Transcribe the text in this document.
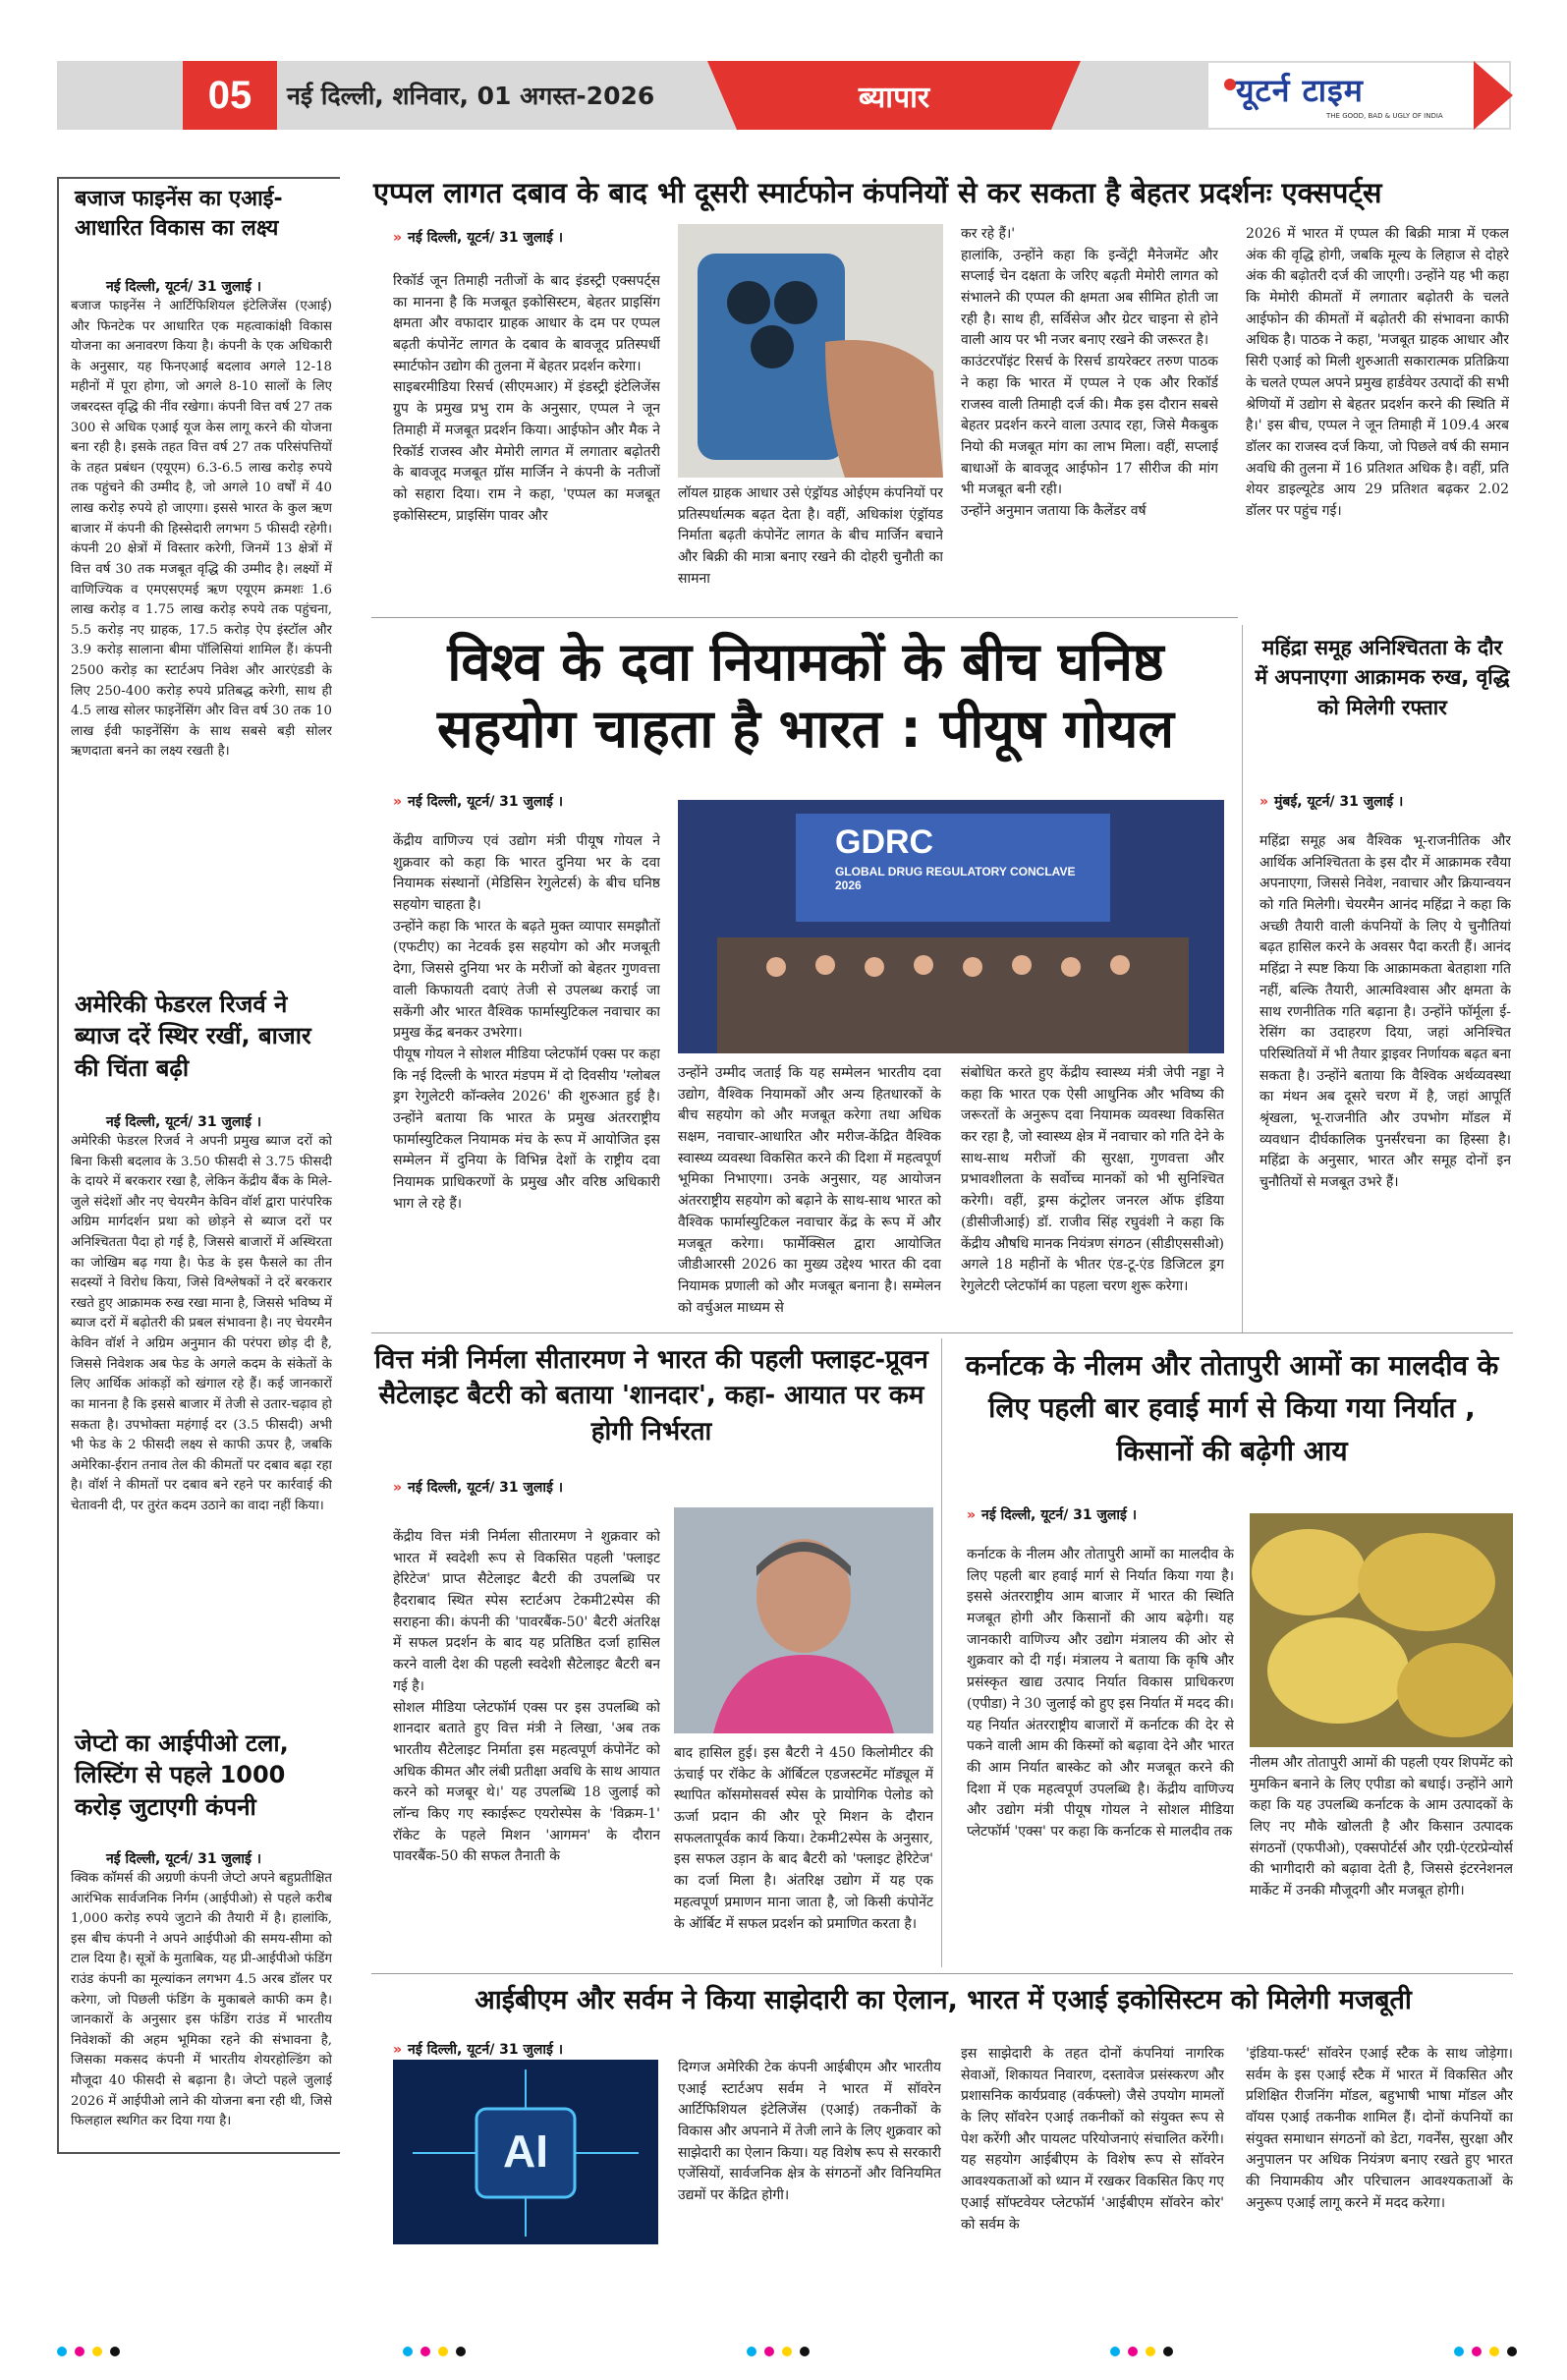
05	नई दिल्ली, शनिवार, 01 अगस्त-2026	ब्यापार	यूटर्न टाइम
THE GOOD, BAD & UGLY OF INDIA
बजाज फाइनेंस का एआई-आधारित विकास का लक्ष्य
नई दिल्ली, यूटर्न/ 31 जुलाई ।
बजाज फाइनेंस ने आर्टिफिशियल इंटेलिजेंस (एआई) और फिनटेक पर आधारित एक महत्वाकांक्षी विकास योजना का अनावरण किया है। कंपनी के एक अधिकारी के अनुसार, यह फिनएआई बदलाव अगले 12-18 महीनों में पूरा होगा, जो अगले 8-10 सालों के लिए जबरदस्त वृद्धि की नींव रखेगा। कंपनी वित्त वर्ष 27 तक 300 से अधिक एआई यूज केस लागू करने की योजना बना रही है। इसके तहत वित्त वर्ष 27 तक परिसंपत्तियों के तहत प्रबंधन (एयूएम) 6.3-6.5 लाख करोड़ रुपये तक पहुंचने की उम्मीद है, जो अगले 10 वर्षों में 40 लाख करोड़ रुपये हो जाएगा। इससे भारत के कुल ऋण बाजार में कंपनी की हिस्सेदारी लगभग 5 फीसदी रहेगी। कंपनी 20 क्षेत्रों में विस्तार करेगी, जिनमें 13 क्षेत्रों में वित्त वर्ष 30 तक मजबूत वृद्धि की उम्मीद है। लक्ष्यों में वाणिज्यिक व एमएसएमई ऋण एयूएम क्रमशः 1.6 लाख करोड़ व 1.75 लाख करोड़ रुपये तक पहुंचना, 5.5 करोड़ नए ग्राहक, 17.5 करोड़ ऐप इंस्टॉल और 3.9 करोड़ सालाना बीमा पॉलिसियां शामिल हैं। कंपनी 2500 करोड़ का स्टार्टअप निवेश और आरएंडडी के लिए 250-400 करोड़ रुपये प्रतिबद्ध करेगी, साथ ही 4.5 लाख सोलर फाइनेंसिंग और वित्त वर्ष 30 तक 10 लाख ईवी फाइनेंसिंग के साथ सबसे बड़ी सोलर ऋणदाता बनने का लक्ष्य रखती है।
अमेरिकी फेडरल रिजर्व ने ब्याज दरें स्थिर रखीं, बाजार की चिंता बढ़ी
नई दिल्ली, यूटर्न/ 31 जुलाई ।
अमेरिकी फेडरल रिजर्व ने अपनी प्रमुख ब्याज दरों को बिना किसी बदलाव के 3.50 फीसदी से 3.75 फीसदी के दायरे में बरकरार रखा है, लेकिन केंद्रीय बैंक के मिले-जुले संदेशों और नए चेयरमैन केविन वॉर्श द्वारा पारंपरिक अग्रिम मार्गदर्शन प्रथा को छोड़ने से ब्याज दरों पर अनिश्चितता पैदा हो गई है, जिससे बाजारों में अस्थिरता का जोखिम बढ़ गया है। फेड के इस फैसले का तीन सदस्यों ने विरोध किया, जिसे विश्लेषकों ने दरें बरकरार रखते हुए आक्रामक रुख रखा माना है, जिससे भविष्य में ब्याज दरों में बढ़ोतरी की प्रबल संभावना है। नए चेयरमैन केविन वॉर्श ने अग्रिम अनुमान की परंपरा छोड़ दी है, जिससे निवेशक अब फेड के अगले कदम के संकेतों के लिए आर्थिक आंकड़ों को खंगाल रहे हैं। कई जानकारों का मानना है कि इससे बाजार में तेजी से उतार-चढ़ाव हो सकता है। उपभोक्ता महंगाई दर (3.5 फीसदी) अभी भी फेड के 2 फीसदी लक्ष्य से काफी ऊपर है, जबकि अमेरिका-ईरान तनाव तेल की कीमतों पर दबाव बढ़ा रहा है। वॉर्श ने कीमतों पर दबाव बने रहने पर कार्रवाई की चेतावनी दी, पर तुरंत कदम उठाने का वादा नहीं किया।
जेप्टो का आईपीओ टला, लिस्टिंग से पहले 1000 करोड़ जुटाएगी कंपनी
नई दिल्ली, यूटर्न/ 31 जुलाई ।
क्विक कॉमर्स की अग्रणी कंपनी जेप्टो अपने बहुप्रतीक्षित आरंभिक सार्वजनिक निर्गम (आईपीओ) से पहले करीब 1,000 करोड़ रुपये जुटाने की तैयारी में है। हालांकि, इस बीच कंपनी ने अपने आईपीओ की समय-सीमा को टाल दिया है। सूत्रों के मुताबिक, यह प्री-आईपीओ फंडिंग राउंड कंपनी का मूल्यांकन लगभग 4.5 अरब डॉलर पर करेगा, जो पिछली फंडिंग के मुकाबले काफी कम है। जानकारों के अनुसार इस फंडिंग राउंड में भारतीय निवेशकों की अहम भूमिका रहने की संभावना है, जिसका मकसद कंपनी में भारतीय शेयरहोल्डिंग को मौजूदा 40 फीसदी से बढ़ाना है। जेप्टो पहले जुलाई 2026 में आईपीओ लाने की योजना बना रही थी, जिसे फिलहाल स्थगित कर दिया गया है।
एप्पल लागत दबाव के बाद भी दूसरी स्मार्टफोन कंपनियों से कर सकता है बेहतर प्रदर्शनः एक्सपर्ट्स
» नई दिल्ली, यूटर्न/ 31 जुलाई ।
रिकॉर्ड जून तिमाही नतीजों के बाद इंडस्ट्री एक्सपर्ट्स का मानना है कि मजबूत इकोसिस्टम, बेहतर प्राइसिंग क्षमता और वफादार ग्राहक आधार के दम पर एप्पल बढ़ती कंपोनेंट लागत के दबाव के बावजूद प्रतिस्पर्धी स्मार्टफोन उद्योग की तुलना में बेहतर प्रदर्शन करेगा।
साइबरमीडिया रिसर्च (सीएमआर) में इंडस्ट्री इंटेलिजेंस ग्रुप के प्रमुख प्रभु राम के अनुसार, एप्पल ने जून तिमाही में मजबूत प्रदर्शन किया। आईफोन और मैक ने रिकॉर्ड राजस्व और मेमोरी लागत में लगातार बढ़ोतरी के बावजूद मजबूत ग्रॉस मार्जिन ने कंपनी के नतीजों को सहारा दिया। राम ने कहा, 'एप्पल का मजबूत इकोसिस्टम, प्राइसिंग पावर और
लॉयल ग्राहक आधार उसे एंड्रॉयड ओईएम कंपनियों पर प्रतिस्पर्धात्मक बढ़त देता है। वहीं, अधिकांश एंड्रॉयड निर्माता बढ़ती कंपोनेंट लागत के बीच मार्जिन बचाने और बिक्री की मात्रा बनाए रखने की दोहरी चुनौती का सामना
कर रहे हैं।'
हालांकि, उन्होंने कहा कि इन्वेंट्री मैनेजमेंट और सप्लाई चेन दक्षता के जरिए बढ़ती मेमोरी लागत को संभालने की एप्पल की क्षमता अब सीमित होती जा रही है। साथ ही, सर्विसेज और ग्रेटर चाइना से होने वाली आय पर भी नजर बनाए रखने की जरूरत है।
काउंटरपॉइंट रिसर्च के रिसर्च डायरेक्टर तरुण पाठक ने कहा कि भारत में एप्पल ने एक और रिकॉर्ड राजस्व वाली तिमाही दर्ज की। मैक इस दौरान सबसे बेहतर प्रदर्शन करने वाला उत्पाद रहा, जिसे मैकबुक नियो की मजबूत मांग का लाभ मिला। वहीं, सप्लाई बाधाओं के बावजूद आईफोन 17 सीरीज की मांग भी मजबूत बनी रही।
उन्होंने अनुमान जताया कि कैलेंडर वर्ष
2026 में भारत में एप्पल की बिक्री मात्रा में एकल अंक की वृद्धि होगी, जबकि मूल्य के लिहाज से दोहरे अंक की बढ़ोतरी दर्ज की जाएगी। उन्होंने यह भी कहा कि मेमोरी कीमतों में लगातार बढ़ोतरी के चलते आईफोन की कीमतों में बढ़ोतरी की संभावना काफी अधिक है। पाठक ने कहा, 'मजबूत ग्राहक आधार और सिरी एआई को मिली शुरुआती सकारात्मक प्रतिक्रिया के चलते एप्पल अपने प्रमुख हार्डवेयर उत्पादों की सभी श्रेणियों में उद्योग से बेहतर प्रदर्शन करने की स्थिति में है।' इस बीच, एप्पल ने जून तिमाही में 109.4 अरब डॉलर का राजस्व दर्ज किया, जो पिछले वर्ष की समान अवधि की तुलना में 16 प्रतिशत अधिक है। वहीं, प्रति शेयर डाइल्यूटेड आय 29 प्रतिशत बढ़कर 2.02 डॉलर पर पहुंच गई।
विश्व के दवा नियामकों के बीच घनिष्ठ सहयोग चाहता है भारत : पीयूष गोयल
» नई दिल्ली, यूटर्न/ 31 जुलाई ।
केंद्रीय वाणिज्य एवं उद्योग मंत्री पीयूष गोयल ने शुक्रवार को कहा कि भारत दुनिया भर के दवा नियामक संस्थानों (मेडिसिन रेगुलेटर्स) के बीच घनिष्ठ सहयोग चाहता है।
उन्होंने कहा कि भारत के बढ़ते मुक्त व्यापार समझौतों (एफटीए) का नेटवर्क इस सहयोग को और मजबूती देगा, जिससे दुनिया भर के मरीजों को बेहतर गुणवत्ता वाली किफायती दवाएं तेजी से उपलब्ध कराई जा सकेंगी और भारत वैश्विक फार्मास्युटिकल नवाचार का प्रमुख केंद्र बनकर उभरेगा।
पीयूष गोयल ने सोशल मीडिया प्लेटफॉर्म एक्स पर कहा कि नई दिल्ली के भारत मंडपम में दो दिवसीय 'ग्लोबल ड्रग रेगुलेटरी कॉन्क्लेव 2026' की शुरुआत हुई है। उन्होंने बताया कि भारत के प्रमुख अंतरराष्ट्रीय फार्मास्युटिकल नियामक मंच के रूप में आयोजित इस सम्मेलन में दुनिया के विभिन्न देशों के राष्ट्रीय दवा नियामक प्राधिकरणों के प्रमुख और वरिष्ठ अधिकारी भाग ले रहे हैं।
GDRC
GLOBAL DRUG REGULATORY CONCLAVE 2026
उन्होंने उम्मीद जताई कि यह सम्मेलन भारतीय दवा उद्योग, वैश्विक नियामकों और अन्य हितधारकों के बीच सहयोग को और मजबूत करेगा तथा अधिक सक्षम, नवाचार-आधारित और मरीज-केंद्रित वैश्विक स्वास्थ्य व्यवस्था विकसित करने की दिशा में महत्वपूर्ण भूमिका निभाएगा। उनके अनुसार, यह आयोजन अंतरराष्ट्रीय सहयोग को बढ़ाने के साथ-साथ भारत को वैश्विक फार्मास्युटिकल नवाचार केंद्र के रूप में और मजबूत करेगा। फार्मेक्सिल द्वारा आयोजित जीडीआरसी 2026 का मुख्य उद्देश्य भारत की दवा नियामक प्रणाली को और मजबूत बनाना है। सम्मेलन को वर्चुअल माध्यम से
संबोधित करते हुए केंद्रीय स्वास्थ्य मंत्री जेपी नड्डा ने कहा कि भारत एक ऐसी आधुनिक और भविष्य की जरूरतों के अनुरूप दवा नियामक व्यवस्था विकसित कर रहा है, जो स्वास्थ्य क्षेत्र में नवाचार को गति देने के साथ-साथ मरीजों की सुरक्षा, गुणवत्ता और प्रभावशीलता के सर्वोच्च मानकों को भी सुनिश्चित करेगी। वहीं, ड्रग्स कंट्रोलर जनरल ऑफ इंडिया (डीसीजीआई) डॉ. राजीव सिंह रघुवंशी ने कहा कि केंद्रीय औषधि मानक नियंत्रण संगठन (सीडीएससीओ) अगले 18 महीनों के भीतर एंड-टू-एंड डिजिटल ड्रग रेगुलेटरी प्लेटफॉर्म का पहला चरण शुरू करेगा।
महिंद्रा समूह अनिश्चितता के दौर में अपनाएगा आक्रामक रुख, वृद्धि को मिलेगी रफ्तार
» मुंबई, यूटर्न/ 31 जुलाई ।
महिंद्रा समूह अब वैश्विक भू-राजनीतिक और आर्थिक अनिश्चितता के इस दौर में आक्रामक रवैया अपनाएगा, जिससे निवेश, नवाचार और क्रियान्वयन को गति मिलेगी। चेयरमैन आनंद महिंद्रा ने कहा कि अच्छी तैयारी वाली कंपनियों के लिए ये चुनौतियां बढ़त हासिल करने के अवसर पैदा करती हैं। आनंद महिंद्रा ने स्पष्ट किया कि आक्रामकता बेतहाशा गति नहीं, बल्कि तैयारी, आत्मविश्वास और क्षमता के साथ रणनीतिक गति बढ़ाना है। उन्होंने फॉर्मूला ई-रेसिंग का उदाहरण दिया, जहां अनिश्चित परिस्थितियों में भी तैयार ड्राइवर निर्णायक बढ़त बना सकता है। उन्होंने बताया कि वैश्विक अर्थव्यवस्था का मंथन अब दूसरे चरण में है, जहां आपूर्ति श्रृंखला, भू-राजनीति और उपभोग मॉडल में व्यवधान दीर्घकालिक पुनर्संरचना का हिस्सा है। महिंद्रा के अनुसार, भारत और समूह दोनों इन चुनौतियों से मजबूत उभरे हैं।
वित्त मंत्री निर्मला सीतारमण ने भारत की पहली फ्लाइट-प्रूवन सैटेलाइट बैटरी को बताया 'शानदार', कहा- आयात पर कम होगी निर्भरता
» नई दिल्ली, यूटर्न/ 31 जुलाई ।
केंद्रीय वित्त मंत्री निर्मला सीतारमण ने शुक्रवार को भारत में स्वदेशी रूप से विकसित पहली 'फ्लाइट हेरिटेज' प्राप्त सैटेलाइट बैटरी की उपलब्धि पर हैदराबाद स्थित स्पेस स्टार्टअप टेकमी2स्पेस की सराहना की। कंपनी की 'पावरबैंक-50' बैटरी अंतरिक्ष में सफल प्रदर्शन के बाद यह प्रतिष्ठित दर्जा हासिल करने वाली देश की पहली स्वदेशी सैटेलाइट बैटरी बन गई है।
सोशल मीडिया प्लेटफॉर्म एक्स पर इस उपलब्धि को शानदार बताते हुए वित्त मंत्री ने लिखा, 'अब तक भारतीय सैटेलाइट निर्माता इस महत्वपूर्ण कंपोनेंट को अधिक कीमत और लंबी प्रतीक्षा अवधि के साथ आयात करने को मजबूर थे।' यह उपलब्धि 18 जुलाई को लॉन्च किए गए स्काईरूट एयरोस्पेस के 'विक्रम-1' रॉकेट के पहले मिशन 'आगमन' के दौरान पावरबैंक-50 की सफल तैनाती के
बाद हासिल हुई। इस बैटरी ने 450 किलोमीटर की ऊंचाई पर रॉकेट के ऑर्बिटल एडजस्टमेंट मॉड्यूल में स्थापित कॉसमोसवर्स स्पेस के प्रायोगिक पेलोड को ऊर्जा प्रदान की और पूरे मिशन के दौरान सफलतापूर्वक कार्य किया। टेकमी2स्पेस के अनुसार, इस सफल उड़ान के बाद बैटरी को 'फ्लाइट हेरिटेज' का दर्जा मिला है। अंतरिक्ष उद्योग में यह एक महत्वपूर्ण प्रमाणन माना जाता है, जो किसी कंपोनेंट के ऑर्बिट में सफल प्रदर्शन को प्रमाणित करता है।
कर्नाटक के नीलम और तोतापुरी आमों का मालदीव के लिए पहली बार हवाई मार्ग से किया गया निर्यात , किसानों की बढ़ेगी आय
» नई दिल्ली, यूटर्न/ 31 जुलाई ।
कर्नाटक के नीलम और तोतापुरी आमों का मालदीव के लिए पहली बार हवाई मार्ग से निर्यात किया गया है। इससे अंतरराष्ट्रीय आम बाजार में भारत की स्थिति मजबूत होगी और किसानों की आय बढ़ेगी। यह जानकारी वाणिज्य और उद्योग मंत्रालय की ओर से शुक्रवार को दी गई। मंत्रालय ने बताया कि कृषि और प्रसंस्कृत खाद्य उत्पाद निर्यात विकास प्राधिकरण (एपीडा) ने 30 जुलाई को हुए इस निर्यात में मदद की। यह निर्यात अंतरराष्ट्रीय बाजारों में कर्नाटक की देर से पकने वाली आम की किस्मों को बढ़ावा देने और भारत की आम निर्यात बास्केट को और मजबूत करने की दिशा में एक महत्वपूर्ण उपलब्धि है। केंद्रीय वाणिज्य और उद्योग मंत्री पीयूष गोयल ने सोशल मीडिया प्लेटफॉर्म 'एक्स' पर कहा कि कर्नाटक से मालदीव तक
नीलम और तोतापुरी आमों की पहली एयर शिपमेंट को मुमकिन बनाने के लिए एपीडा को बधाई। उन्होंने आगे कहा कि यह उपलब्धि कर्नाटक के आम उत्पादकों के लिए नए मौके खोलती है और किसान उत्पादक संगठनों (एफपीओ), एक्सपोर्टर्स और एग्री-एंटरप्रेन्योर्स की भागीदारी को बढ़ावा देती है, जिससे इंटरनेशनल मार्केट में उनकी मौजूदगी और मजबूत होगी।
आईबीएम और सर्वम ने किया साझेदारी का ऐलान, भारत में एआई इकोसिस्टम को मिलेगी मजबूती
» नई दिल्ली, यूटर्न/ 31 जुलाई ।
AI
दिग्गज अमेरिकी टेक कंपनी आईबीएम और भारतीय एआई स्टार्टअप सर्वम ने भारत में सॉवरेन आर्टिफिशियल इंटेलिजेंस (एआई) तकनीकों के विकास और अपनाने में तेजी लाने के लिए शुक्रवार को साझेदारी का ऐलान किया। यह विशेष रूप से सरकारी एजेंसियों, सार्वजनिक क्षेत्र के संगठनों और विनियमित उद्यमों पर केंद्रित होगी।
इस साझेदारी के तहत दोनों कंपनियां नागरिक सेवाओं, शिकायत निवारण, दस्तावेज प्रसंस्करण और प्रशासनिक कार्यप्रवाह (वर्कफ्लो) जैसे उपयोग मामलों के लिए सॉवरेन एआई तकनीकों को संयुक्त रूप से पेश करेंगी और पायलट परियोजनाएं संचालित करेंगी। यह सहयोग आईबीएम के विशेष रूप से सॉवरेन आवश्यकताओं को ध्यान में रखकर विकसित किए गए एआई सॉफ्टवेयर प्लेटफॉर्म 'आईबीएम सॉवरेन कोर' को सर्वम के
'इंडिया-फर्स्ट' सॉवरेन एआई स्टैक के साथ जोड़ेगा। सर्वम के इस एआई स्टैक में भारत में विकसित और प्रशिक्षित रीजनिंग मॉडल, बहुभाषी भाषा मॉडल और वॉयस एआई तकनीक शामिल हैं। दोनों कंपनियों का संयुक्त समाधान संगठनों को डेटा, गवर्नेंस, सुरक्षा और अनुपालन पर अधिक नियंत्रण बनाए रखते हुए भारत की नियामकीय और परिचालन आवश्यकताओं के अनुरूप एआई लागू करने में मदद करेगा।
